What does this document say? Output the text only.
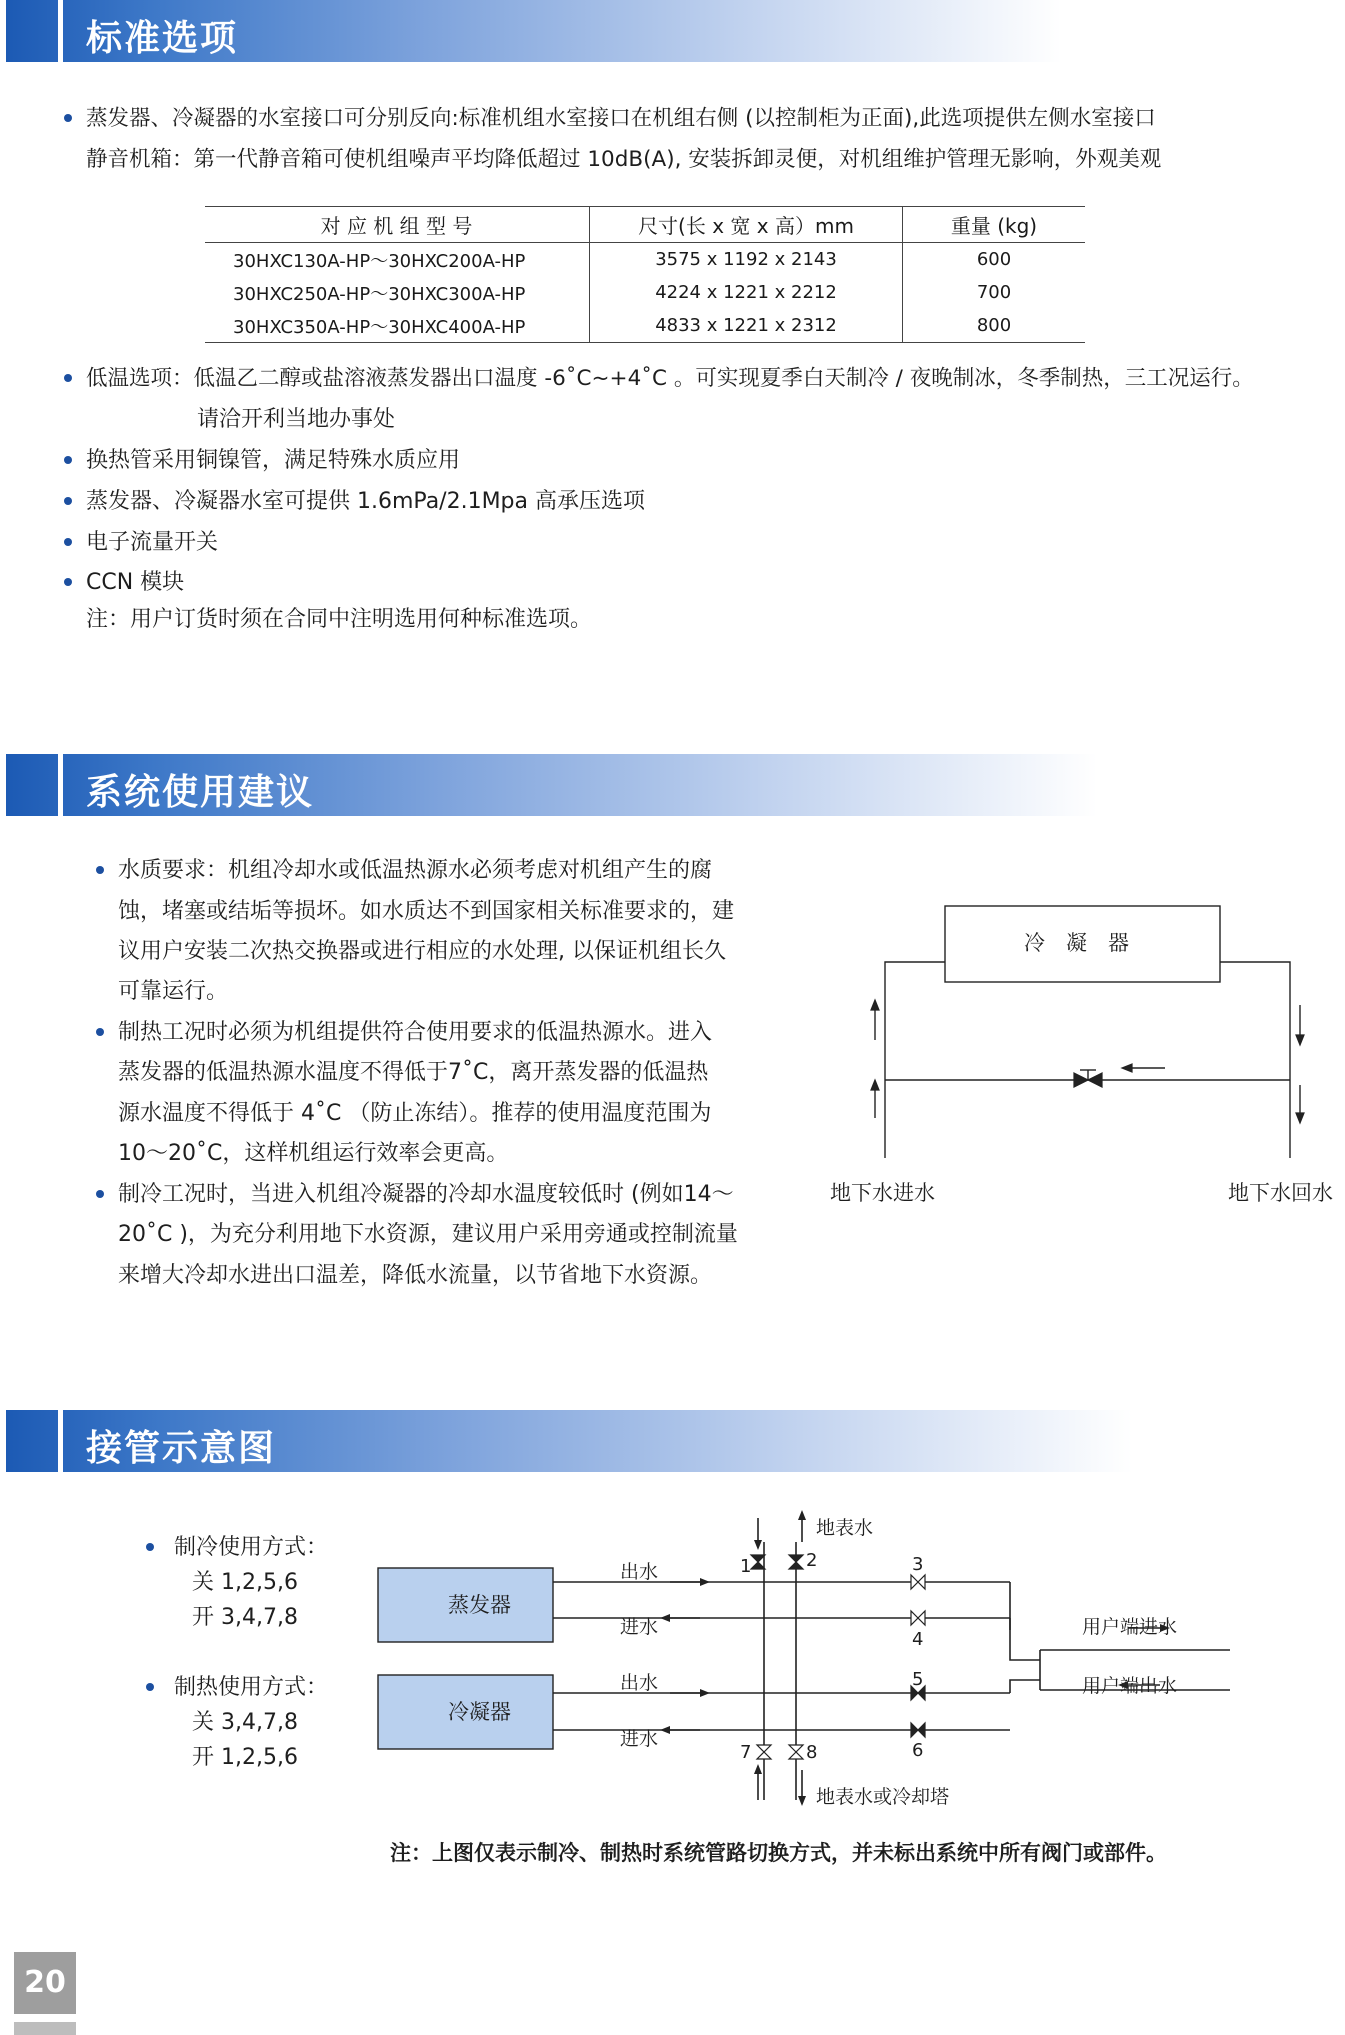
标准选项
蒸发器、冷凝器的水室接口可分别反向:标准机组水室接口在机组右侧 (以控制柜为正面),此选项提供左侧水室接口
静音机箱：第一代静音箱可使机组噪声平均降低超过 10dB(A), 安装拆卸灵便，对机组维护管理无影响，外观美观
对 应 机 组 型 号	尺寸(长 x 宽 x 高）mm	重量 (kg)
30HXC130A-HP～30HXC200A-HP	3575 x 1192 x 2143	600
30HXC250A-HP～30HXC300A-HP	4224 x 1221 x 2212	700
30HXC350A-HP～30HXC400A-HP	4833 x 1221 x 2312	800
低温选项：低温乙二醇或盐溶液蒸发器出口温度 -6˚C~+4˚C 。可实现夏季白天制冷 / 夜晚制冰，冬季制热，三工况运行。
请洽开利当地办事处
换热管采用铜镍管，满足特殊水质应用
蒸发器、冷凝器水室可提供 1.6mPa/2.1Mpa 高承压选项
电子流量开关
CCN 模块
注：用户订货时须在合同中注明选用何种标准选项。
系统使用建议
水质要求：机组冷却水或低温热源水必须考虑对机组产生的腐
蚀，堵塞或结垢等损坏。如水质达不到国家相关标准要求的，建
议用户安装二次热交换器或进行相应的水处理, 以保证机组长久
可靠运行。
制热工况时必须为机组提供符合使用要求的低温热源水。进入
蒸发器的低温热源水温度不得低于7˚C，离开蒸发器的低温热
源水温度不得低于 4˚C （防止冻结）。推荐的使用温度范围为
10～20˚C，这样机组运行效率会更高。
制冷工况时，当进入机组冷凝器的冷却水温度较低时 (例如14～
20˚C )，为充分利用地下水资源，建议用户采用旁通或控制流量
来增大冷却水进出口温差，降低水流量，以节省地下水资源。
冷　凝　器
地下水进水	地下水回水
接管示意图
制冷使用方式：
关 1,2,5,6
开 3,4,7,8
制热使用方式：
关 3,4,7,8
开 1,2,5,6
蒸发器
冷凝器
出水
进水
出水
进水
地表水
地表水或冷却塔
用户端进水
用户端出水
1	2	3
4
5
6
7	8
注：上图仅表示制冷、制热时系统管路切换方式，并未标出系统中所有阀门或部件。
20
